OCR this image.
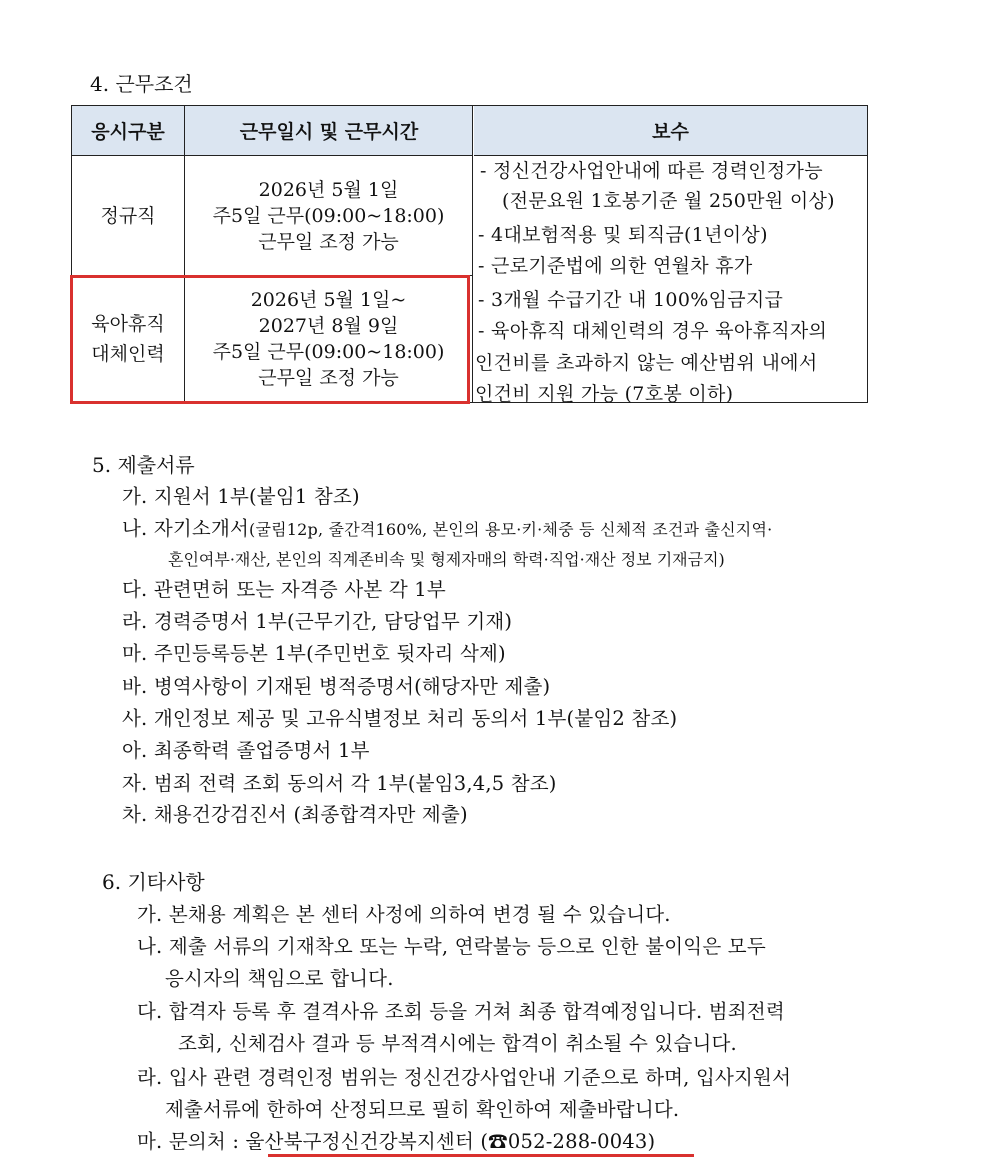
4. 근무조건
응시구분	근무일시 및 근무시간	보수
정규직
2026년 5월 1일
주5일 근무(09:00~18:00)
근무일 조정 가능
육아휴직
대체인력
2026년 5월 1일~
2027년 8월 9일
주5일 근무(09:00~18:00)
근무일 조정 가능
- 정신건강사업안내에 따른 경력인정가능
(전문요원 1호봉기준 월 250만원 이상)
- 4대보험적용 및 퇴직금(1년이상)
- 근로기준법에 의한 연월차 휴가
- 3개월 수급기간 내 100%임금지급
- 육아휴직 대체인력의 경우 육아휴직자의
인건비를 초과하지 않는 예산범위 내에서
인건비 지원 가능 (7호봉 이하)
5. 제출서류
가. 지원서 1부(붙임1 참조)
나. 자기소개서(굴림12p, 줄간격160%, 본인의 용모·키·체중 등 신체적 조건과 출신지역·
혼인여부·재산, 본인의 직계존비속 및 형제자매의 학력·직업·재산 정보 기재금지)
다. 관련면허 또는 자격증 사본 각 1부
라. 경력증명서 1부(근무기간, 담당업무 기재)
마. 주민등록등본 1부(주민번호 뒷자리 삭제)
바. 병역사항이 기재된 병적증명서(해당자만 제출)
사. 개인정보 제공 및 고유식별정보 처리 동의서 1부(붙임2 참조)
아. 최종학력 졸업증명서 1부
자. 범죄 전력 조회 동의서 각 1부(붙임3,4,5 참조)
차. 채용건강검진서 (최종합격자만 제출)
6. 기타사항
가. 본채용 계획은 본 센터 사정에 의하여 변경 될 수 있습니다.
나. 제출 서류의 기재착오 또는 누락, 연락불능 등으로 인한 불이익은 모두
응시자의 책임으로 합니다.
다. 합격자 등록 후 결격사유 조회 등을 거쳐 최종 합격예정입니다. 범죄전력
조회, 신체검사 결과 등 부적격시에는 합격이 취소될 수 있습니다.
라. 입사 관련 경력인정 범위는 정신건강사업안내 기준으로 하며, 입사지원서
제출서류에 한하여 산정되므로 필히 확인하여 제출바랍니다.
마. 문의처 : 울산북구정신건강복지센터 (☎052-288-0043)
